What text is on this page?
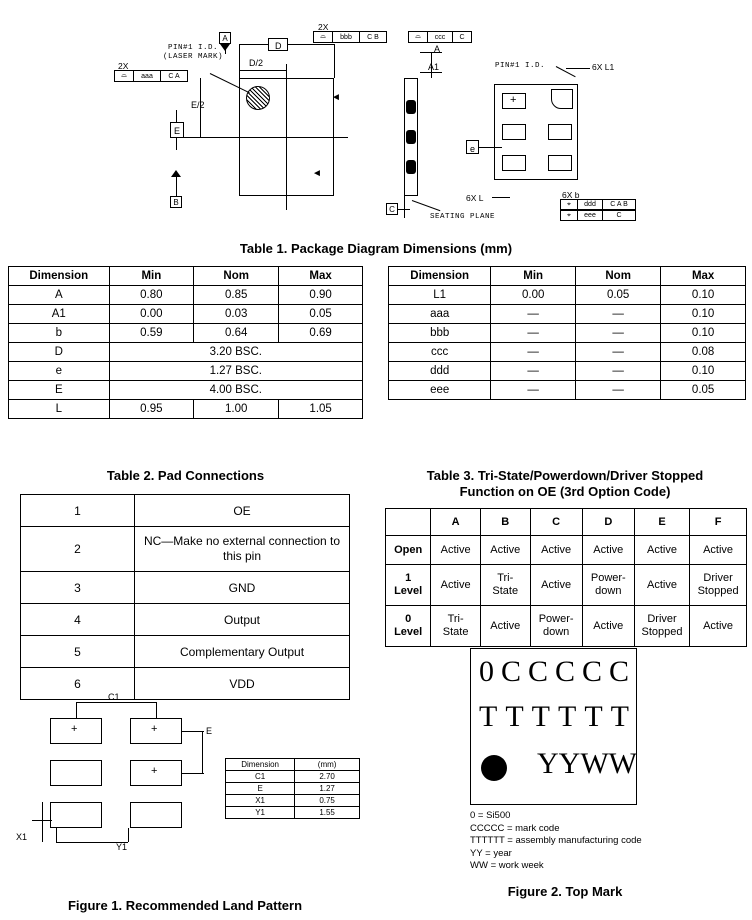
PIN#1 I.D.
(LASER MARK)
D
D/2
E/2
E
A
B
2X
⌓	bbb	C B
2X
⌓	aaa	C A
◄
◄
⌓	ccc	C
A
A1
C
SEATING PLANE
+
PIN#1 I.D.	6X L1
e
6X L	6X b
⌖	ddd	C A B
⌖	eee	C
Table 1. Package Diagram Dimensions (mm)
Dimension	Min	Nom	Max
A	0.80	0.85	0.90
A1	0.00	0.03	0.05
b	0.59	0.64	0.69
D	3.20 BSC.		
e	1.27 BSC.		
E	4.00 BSC.		
L	0.95	1.00	1.05
Dimension	Min	Nom	Max
L1	0.00	0.05	0.10
aaa	—	—	0.10
bbb	—	—	0.10
ccc	—	—	0.08
ddd	—	—	0.10
eee	—	—	0.05
Table 2. Pad Connections
1	OE
2	NC—Make no external connection to this pin
3	GND
4	Output
5	Complementary Output
6	VDD
Table 3. Tri-State/Powerdown/Driver Stopped
Function on OE (3rd Option Code)
	A	B	C	D	E	F
Open	Active	Active	Active	Active	Active	Active
1
Level	Active	Tri-State	Active	Power-down	Active	Driver Stopped
0
Level	Tri-State	Active	Power-down	Active	Driver Stopped	Active
+	+
+
C1
E
X1
Y1
Dimension	(mm)
C1	2.70
E	1.27
X1	0.75
Y1	1.55
Figure 1. Recommended Land Pattern
0 C C C C C
T T T T T T
Y Y W W
0 = Si500
CCCCC = mark code
TTTTTT = assembly manufacturing code
YY = year
WW = work week
Figure 2. Top Mark
